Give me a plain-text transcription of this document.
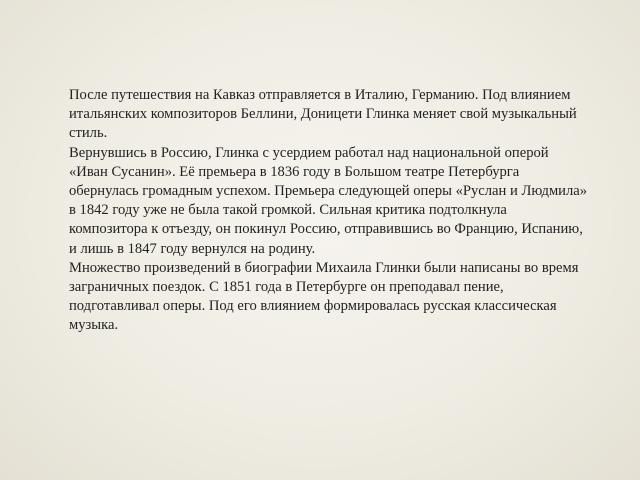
После путешествия на Кавказ отправляется в Италию, Германию. Под влиянием итальянских композиторов Беллини, Доницети Глинка меняет свой музыкальный стиль.

Вернувшись в Россию, Глинка с усердием работал над национальной оперой «Иван Сусанин». Её премьера в 1836 году в Большом театре Петербурга обернулась громадным успехом. Премьера следующей оперы «Руслан и Людмила» в 1842 году уже не была такой громкой. Сильная критика подтолкнула композитора к отъезду, он покинул Россию, отправившись во Францию, Испанию, и лишь в 1847 году вернулся на родину.

Множество произведений в биографии Михаила Глинки были написаны во время заграничных поездок. С 1851 года в Петербурге он преподавал пение, подготавливал оперы. Под его влиянием формировалась русская классическая музыка.
